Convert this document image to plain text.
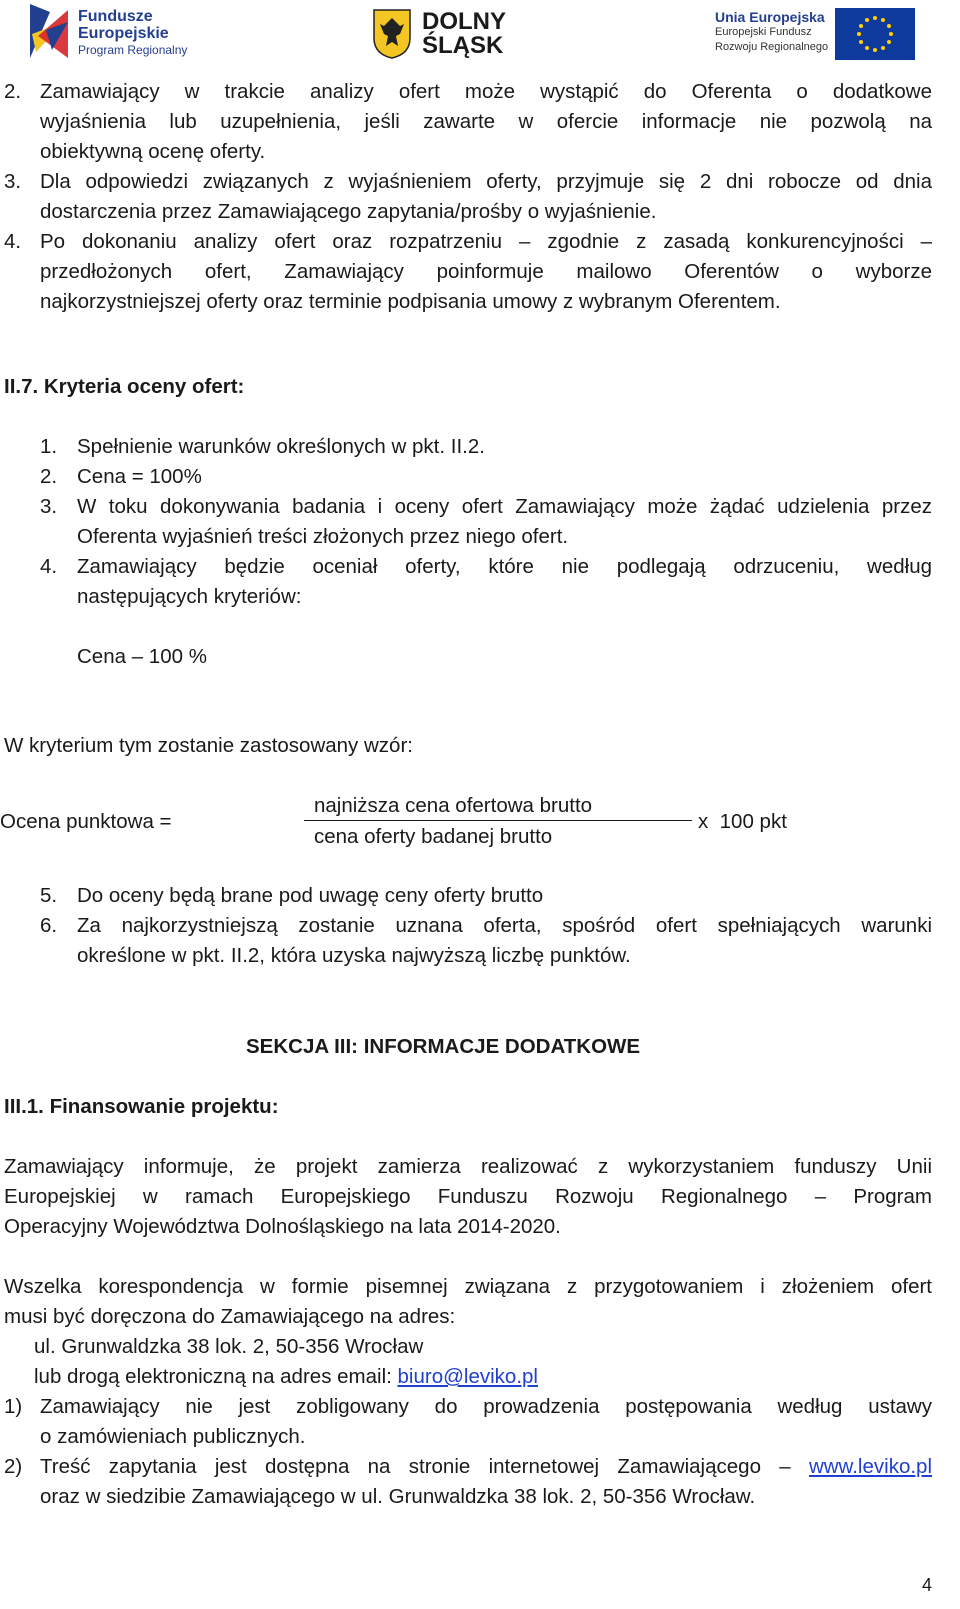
Fundusze
Europejskie
Program Regionalny
DOLNY
ŚLĄSK
Unia Europejska
Europejski Fundusz
Rozwoju Regionalnego
2. Zamawiający w trakcie analizy ofert może wystąpić do Oferenta o dodatkowe
wyjaśnienia lub uzupełnienia, jeśli zawarte w ofercie informacje nie pozwolą na
obiektywną ocenę oferty.
3. Dla odpowiedzi związanych z wyjaśnieniem oferty, przyjmuje się 2 dni robocze od dnia
dostarczenia przez Zamawiającego zapytania/prośby o wyjaśnienie.
4. Po dokonaniu analizy ofert oraz rozpatrzeniu – zgodnie z zasadą konkurencyjności –
przedłożonych ofert, Zamawiający poinformuje mailowo Oferentów o wyborze
najkorzystniejszej oferty oraz terminie podpisania umowy z wybranym Oferentem.
II.7. Kryteria oceny ofert:
1. Spełnienie warunków określonych w pkt. II.2.
2. Cena = 100%
3. W toku dokonywania badania i oceny ofert Zamawiający może żądać udzielenia przez
Oferenta wyjaśnień treści złożonych przez niego ofert.
4. Zamawiający będzie oceniał oferty, które nie podlegają odrzuceniu, według
następujących kryteriów:
Cena – 100 %
W kryterium tym zostanie zastosowany wzór:
Ocena punktowa =
najniższa cena ofertowa brutto
cena oferty badanej brutto
x  100 pkt
5. Do oceny będą brane pod uwagę ceny oferty brutto
6. Za najkorzystniejszą zostanie uznana oferta, spośród ofert spełniających warunki
określone w pkt. II.2, która uzyska najwyższą liczbę punktów.
SEKCJA III: INFORMACJE DODATKOWE
III.1. Finansowanie projektu:
Zamawiający informuje, że projekt zamierza realizować z wykorzystaniem funduszy Unii
Europejskiej w ramach Europejskiego Funduszu Rozwoju Regionalnego – Program
Operacyjny Województwa Dolnośląskiego na lata 2014-2020.
Wszelka korespondencja w formie pisemnej związana z przygotowaniem i złożeniem ofert
musi być doręczona do Zamawiającego na adres:
ul. Grunwaldzka 38 lok. 2, 50-356 Wrocław
lub drogą elektroniczną na adres email: biuro@leviko.pl
1) Zamawiający nie jest zobligowany do prowadzenia postępowania według ustawy
o zamówieniach publicznych.
2) Treść zapytania jest dostępna na stronie internetowej Zamawiającego – www.leviko.pl
oraz w siedzibie Zamawiającego w ul. Grunwaldzka 38 lok. 2, 50-356 Wrocław.
4
